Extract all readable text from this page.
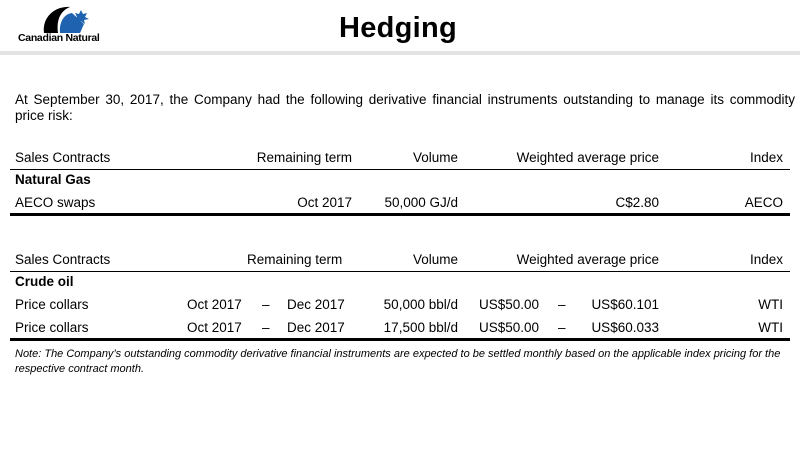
Canadian Natural	Hedging
At September 30, 2017, the Company had the following derivative financial instruments outstanding to manage its commodity price risk:
Sales Contracts	Remaining term	Volume	Weighted average price	Index
Natural Gas
AECO swaps	Oct 2017 50,000 GJ/d	C$2.80	AECO
Sales Contracts	Remaining term	Volume	Weighted average price	Index
Crude oil
Price collars	Oct 2017 – Dec 2017	50,000 bbl/d US$50.00 – US$60.101	WTI
Price collars	Oct 2017 – Dec 2017	17,500 bbl/d US$50.00 – US$60.033	WTI
Note: The Company’s outstanding commodity derivative financial instruments are expected to be settled monthly based on the applicable index pricing for the respective contract month.
